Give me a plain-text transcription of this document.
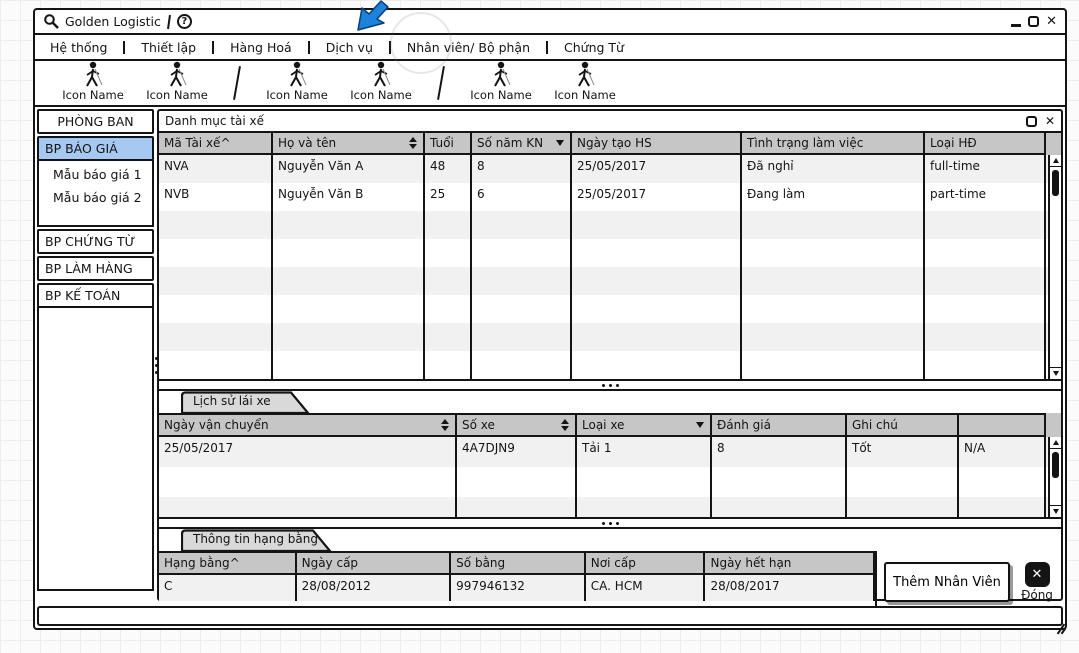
Golden Logistic ?	✕
Hệ thống	Thiết lập	Hàng Hoá	Dịch vụ	Nhân viên/ Bộ phận	Chứng Từ
Icon Name Icon Name	Icon Name Icon Name	Icon Name Icon Name
PHÒNG BAN
BP BÁO GIÁ
Mẫu báo giá 1
Mẫu báo giá 2
BP CHỨNG TỪ
BP LÀM HÀNG
BP KẾ TOÁN
Danh mục tài xế	✕
Mã Tài xế^	Họ và tên	Tuổi	Số năm KN	Ngày tạo HS	Tình trạng làm việc	Loại HĐ
NVA	Nguyễn Văn A	48	8	25/05/2017	Đã nghỉ	full-time
NVB	Nguyễn Văn B	25	6	25/05/2017	Đang làm	part-time
Lịch sử lái xe
Ngày vận chuyển	Số xe	Loại xe	Đánh giá	Ghi chú
25/05/2017	4A7DJN9	Tải 1	8	Tốt	N/A
Thông tin hạng bằng
Hạng bằng^	Ngày cấp	Số bằng	Nơi cấp	Ngày hết hạn
C	28/08/2012	997946132	CA. HCM	28/08/2017	Thêm Nhân Viên	✕
Đóng
